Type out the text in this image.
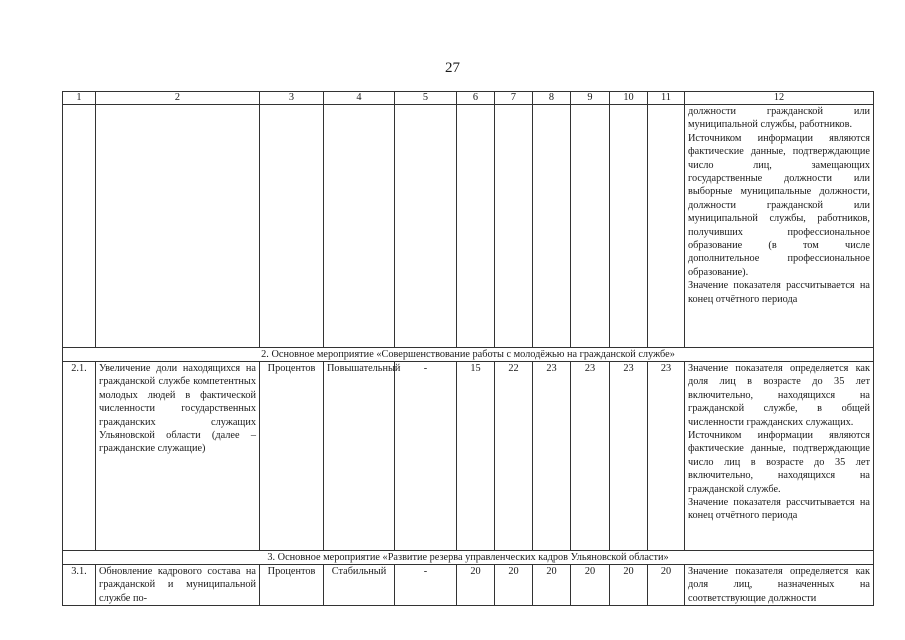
27
1	2	3	4	5	6	7	8	9	10	11	12

											должности гражданской или муниципальной службы, работников.
Источником информации являются фактические данные, подтверждающие число лиц, замещающих государственные должности или выборные муниципальные должности, должности гражданской или муниципальной службы, работников, получивших профессиональное образование (в том числе дополнительное профессиональное образование).
Значение показателя рассчитывается на конец отчётного периода

2. Основное мероприятие «Совершенствование работы с молодёжью на гражданской службе»											

2.1.	Увеличение доли находящихся на гражданской службе компетентных молодых людей в фактической численности государственных гражданских служащих Ульяновской области (далее – гражданские служащие)	Процентов	Повышательный	-	15	22	23	23	23	23	Значение показателя определяется как доля лиц в возрасте до 35 лет включительно, находящихся на гражданской службе, в общей численности гражданских служащих.
Источником информации являются фактические данные, подтверждающие число лиц в возрасте до 35 лет включительно, находящихся на гражданской службе.
Значение показателя рассчитывается на конец отчётного периода

3. Основное мероприятие «Развитие резерва управленческих кадров Ульяновской области»											

3.1.	Обновление кадрового состава на гражданской и муниципальной службе по-	Процентов	Стабильный	-	20	20	20	20	20	20	Значение показателя определяется как доля лиц, назначенных на соответствующие должности
